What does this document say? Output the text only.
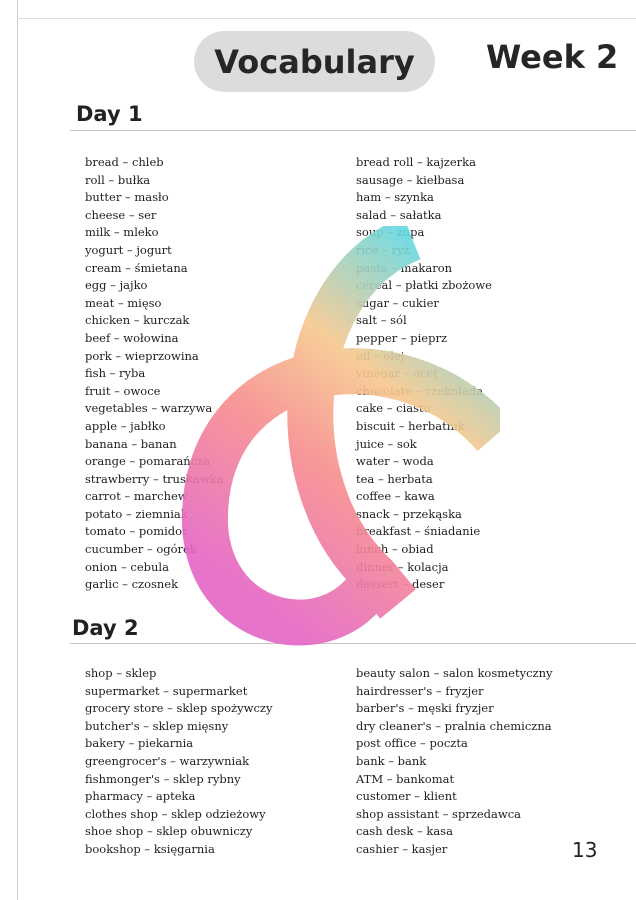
Vocabulary Week 2
Day 1
bread – chleb
roll – bułka
butter – masło
cheese – ser
milk – mleko
yogurt – jogurt
cream – śmietana
egg – jajko
meat – mięso
chicken – kurczak
beef – wołowina
pork – wieprzowina
fish – ryba
fruit – owoce
vegetables – warzywa
apple – jabłko
banana – banan
orange – pomarańcza
strawberry – truskawka
carrot – marchew
potato – ziemniak
tomato – pomidor
cucumber – ogórek
onion – cebula
garlic – czosnek
bread roll – kajzerka
sausage – kiełbasa
ham – szynka
salad – sałatka
soup – zupa
rice – ryż
pasta – makaron
cereal – płatki zbożowe
sugar – cukier
salt – sól
pepper – pieprz
oil – olej
vinegar – ocet
chocolate – czekolada
cake – ciasto
biscuit – herbatnik
juice – sok
water – woda
tea – herbata
coffee – kawa
snack – przekąska
breakfast – śniadanie
lunch – obiad
dinner – kolacja
dessert – deser
Day 2
shop – sklep
supermarket – supermarket
grocery store – sklep spożywczy
butcher's – sklep mięsny
bakery – piekarnia
greengrocer's – warzywniak
fishmonger's – sklep rybny
pharmacy – apteka
clothes shop – sklep odzieżowy
shoe shop – sklep obuwniczy
bookshop – księgarnia
beauty salon – salon kosmetyczny
hairdresser's – fryzjer
barber's – męski fryzjer
dry cleaner's – pralnia chemiczna
post office – poczta
bank – bank
ATM – bankomat
customer – klient
shop assistant – sprzedawca
cash desk – kasa
cashier – kasjer	13
